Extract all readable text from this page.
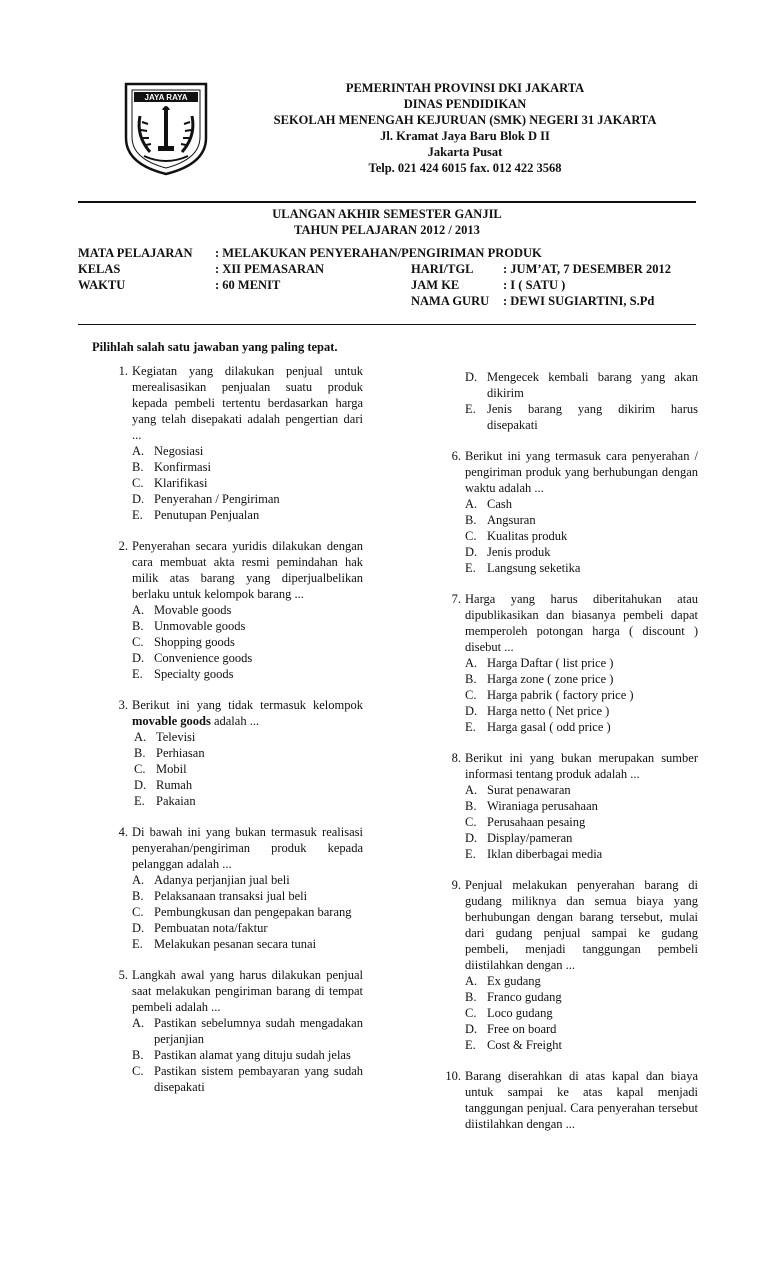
JAYA RAYA
PEMERINTAH PROVINSI DKI JAKARTA
DINAS PENDIDIKAN
SEKOLAH MENENGAH KEJURUAN (SMK) NEGERI 31 JAKARTA
Jl. Kramat Jaya Baru Blok D II
Jakarta Pusat
Telp. 021 424 6015 fax. 012 422 3568
ULANGAN AKHIR SEMESTER GANJIL
TAHUN PELAJARAN 2012 / 2013
MATA PELAJARAN
KELAS
WAKTU
: MELAKUKAN PENYERAHAN/PENGIRIMAN PRODUK
: XII PEMASARAN
: 60 MENIT
HARI/TGL
JAM KE
NAMA GURU
: JUM’AT, 7 DESEMBER 2012
: I ( SATU )
: DEWI SUGIARTINI, S.Pd
Pilihlah salah satu jawaban yang paling tepat.
1. Kegiatan yang dilakukan penjual untuk merealisasikan penjualan suatu produk kepada pembeli tertentu berdasarkan harga yang telah disepakati adalah pengertian dari ...
A. Negosiasi
B. Konfirmasi
C. Klarifikasi
D. Penyerahan / Pengiriman
E. Penutupan Penjualan
2. Penyerahan secara yuridis dilakukan dengan cara membuat akta resmi pemindahan hak milik atas barang yang diperjualbelikan berlaku untuk kelompok barang ...
A. Movable goods
B. Unmovable goods
C. Shopping goods
D. Convenience goods
E. Specialty goods
3. Berikut ini yang tidak termasuk kelompok movable goods adalah ...
A. Televisi
B. Perhiasan
C. Mobil
D. Rumah
E. Pakaian
4. Di bawah ini yang bukan termasuk realisasi penyerahan/pengiriman produk kepada pelanggan adalah ...
A. Adanya perjanjian jual beli
B. Pelaksanaan transaksi jual beli
C. Pembungkusan dan pengepakan barang
D. Pembuatan nota/faktur
E. Melakukan pesanan secara tunai
5. Langkah awal yang harus dilakukan penjual saat melakukan pengiriman barang di tempat pembeli adalah ...
A. Pastikan sebelumnya sudah mengadakan perjanjian
B. Pastikan alamat yang dituju sudah jelas
C. Pastikan sistem pembayaran yang sudah disepakati
D. Mengecek kembali barang yang akan dikirim
E. Jenis barang yang dikirim harus disepakati
6. Berikut ini yang termasuk cara penyerahan / pengiriman produk yang berhubungan dengan waktu adalah ...
A. Cash
B. Angsuran
C. Kualitas produk
D. Jenis produk
E. Langsung seketika
7. Harga yang harus diberitahukan atau dipublikasikan dan biasanya pembeli dapat memperoleh potongan harga ( discount ) disebut ...
A. Harga Daftar ( list price )
B. Harga zone ( zone price )
C. Harga pabrik ( factory price )
D. Harga netto ( Net price )
E. Harga gasal ( odd price )
8. Berikut ini yang bukan merupakan sumber informasi tentang produk adalah ...
A. Surat penawaran
B. Wiraniaga perusahaan
C. Perusahaan pesaing
D. Display/pameran
E. Iklan diberbagai media
9. Penjual melakukan penyerahan barang di gudang miliknya dan semua biaya yang berhubungan dengan barang tersebut, mulai dari gudang penjual sampai ke gudang pembeli, menjadi tanggungan pembeli diistilahkan dengan ...
A. Ex gudang
B. Franco gudang
C. Loco gudang
D. Free on board
E. Cost & Freight
10. Barang diserahkan di atas kapal dan biaya untuk sampai ke atas kapal menjadi tanggungan penjual. Cara penyerahan tersebut diistilahkan dengan ...
